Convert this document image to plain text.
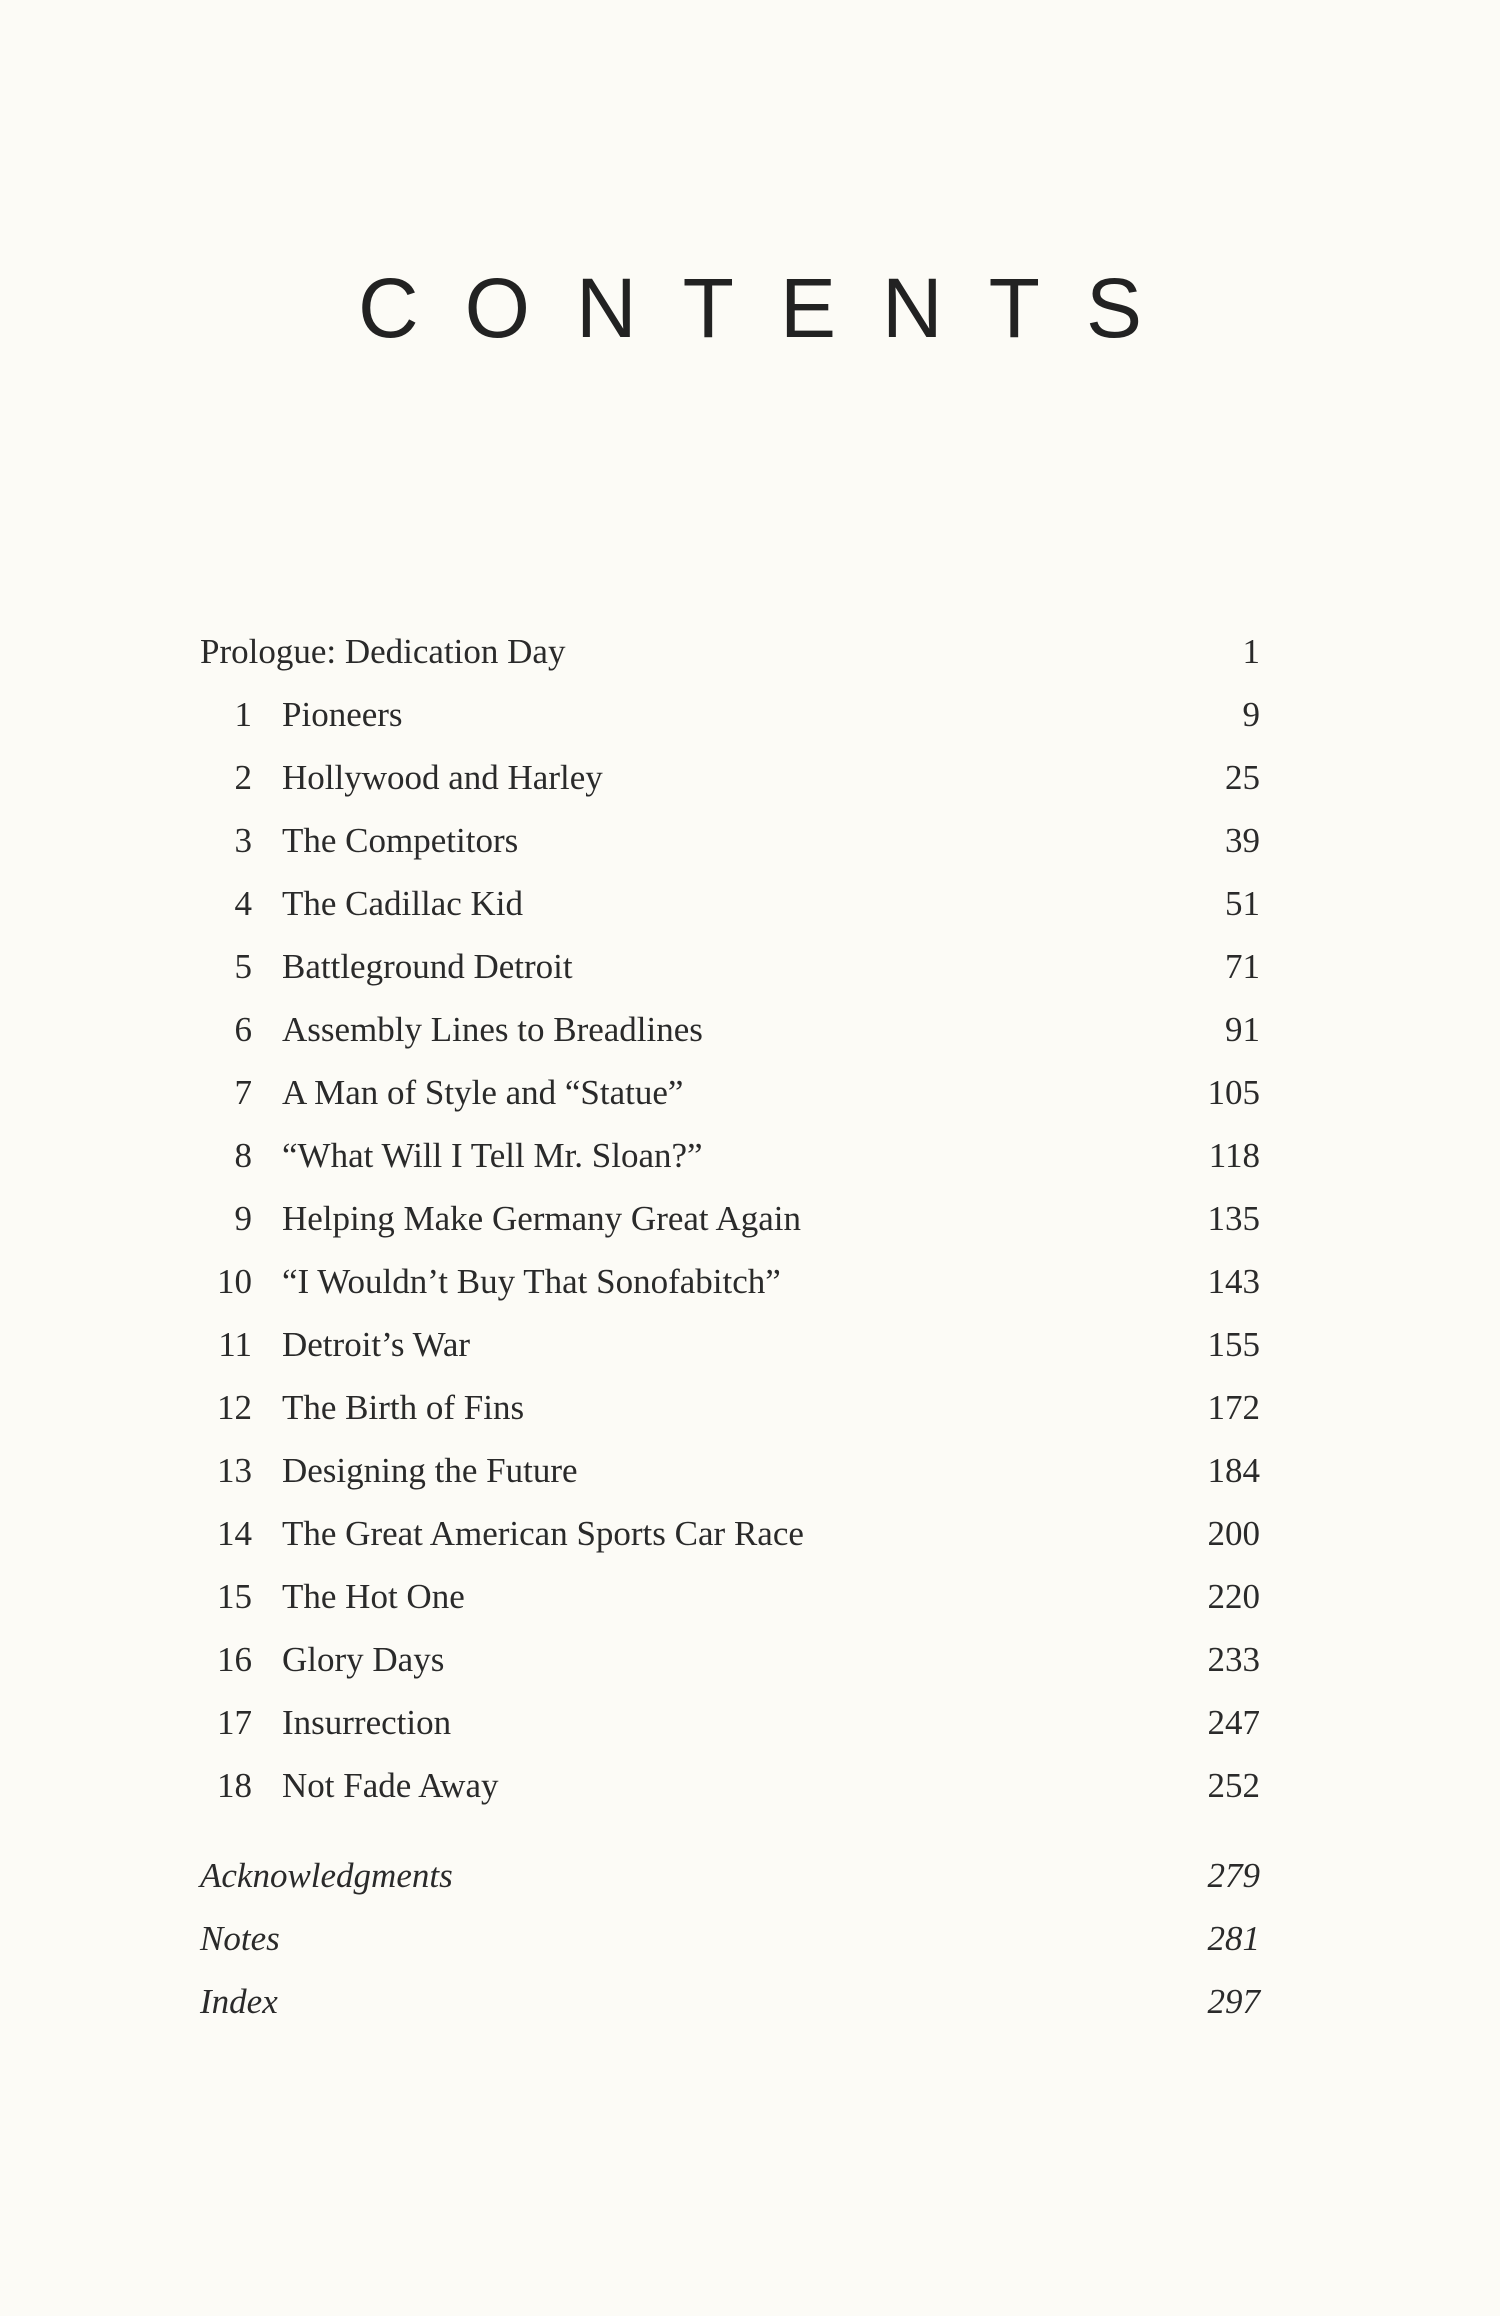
CONTENTS
Prologue: Dedication Day	1
1 Pioneers	9
2 Hollywood and Harley	25
3 The Competitors	39
4 The Cadillac Kid	51
5 Battleground Detroit	71
6 Assembly Lines to Breadlines	91
7 A Man of Style and “Statue”	105
8 “What Will I Tell Mr. Sloan?”	118
9 Helping Make Germany Great Again	135
10 “I Wouldn’t Buy That Sonofabitch”	143
11 Detroit’s War	155
12 The Birth of Fins	172
13 Designing the Future	184
14 The Great American Sports Car Race	200
15 The Hot One	220
16 Glory Days	233
17 Insurrection	247
18 Not Fade Away	252
Acknowledgments	279
Notes	281
Index	297
